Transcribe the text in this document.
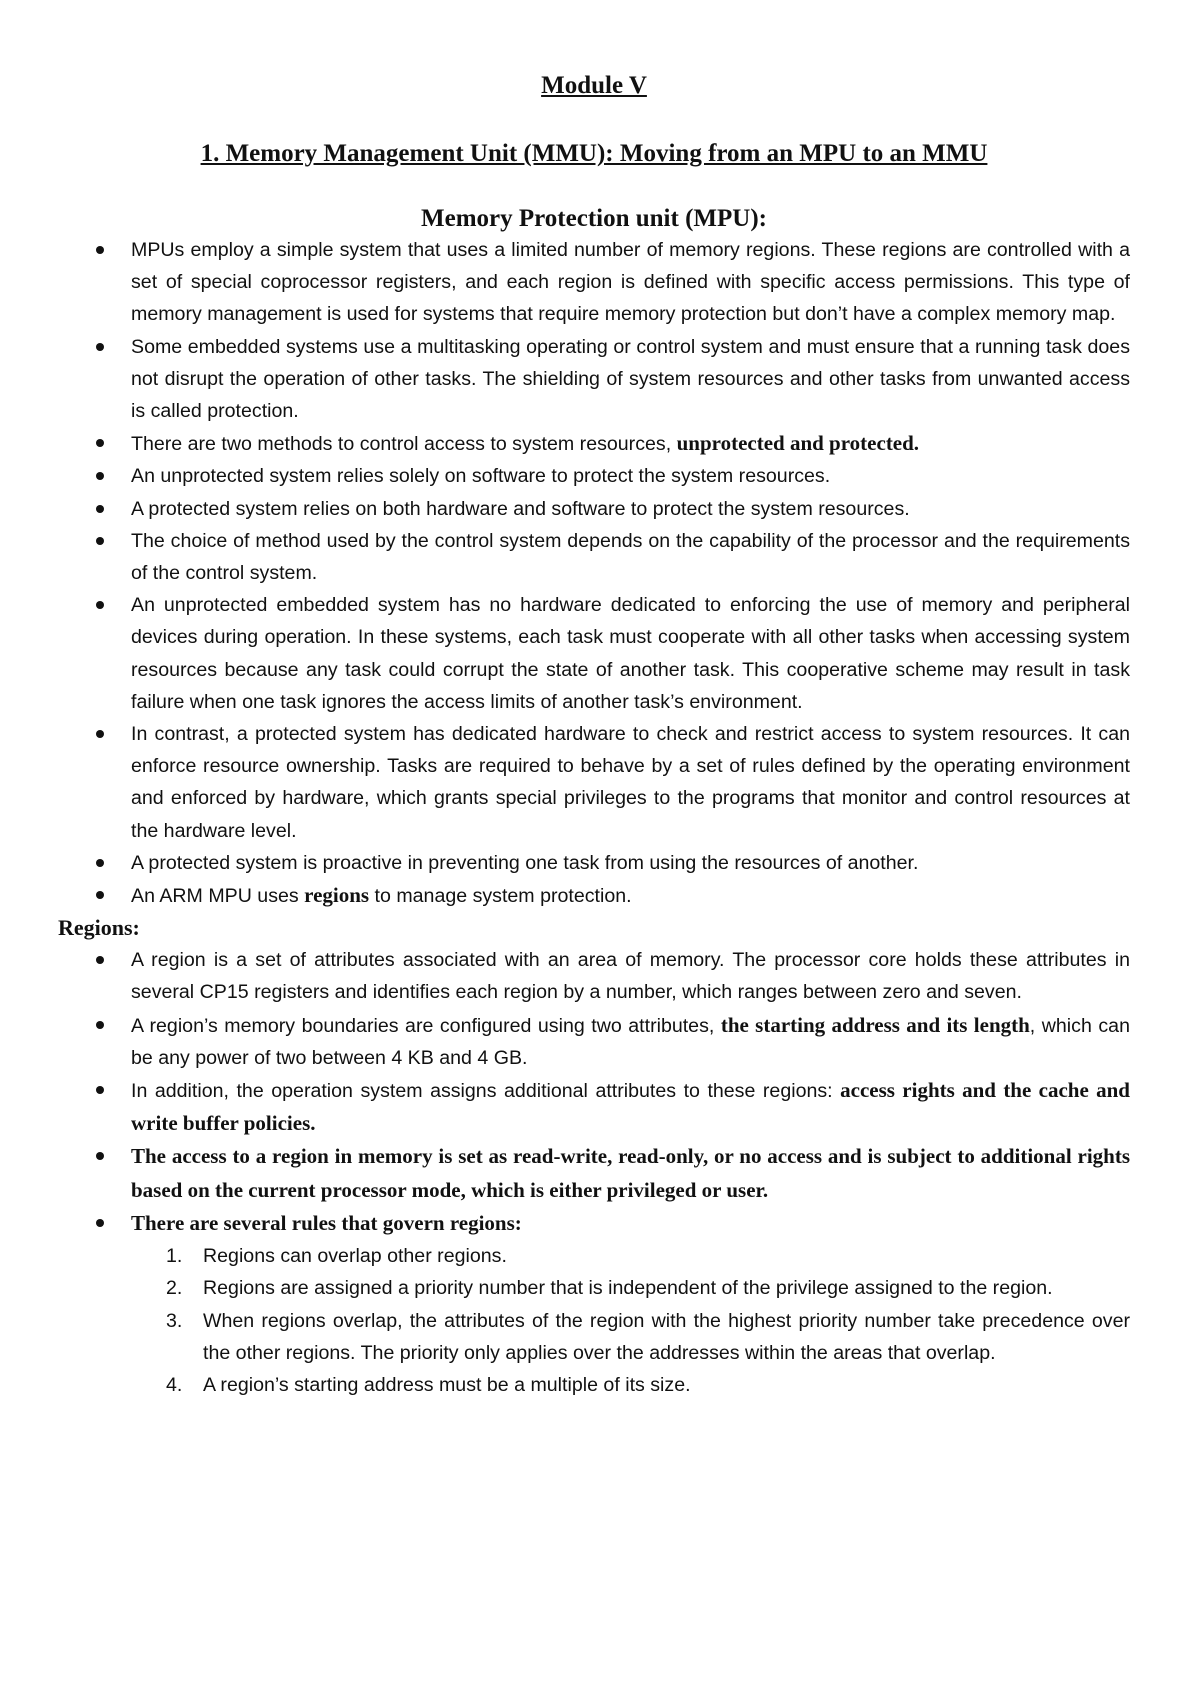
Module V
1. Memory Management Unit (MMU): Moving from an MPU to an MMU
Memory Protection unit (MPU):
MPUs employ a simple system that uses a limited number of memory regions. These regions are controlled with a set of special coprocessor registers, and each region is defined with specific access permissions. This type of memory management is used for systems that require memory protection but don’t have a complex memory map.
Some embedded systems use a multitasking operating or control system and must ensure that a running task does not disrupt the operation of other tasks. The shielding of system resources and other tasks from unwanted access is called protection.
There are two methods to control access to system resources, unprotected and protected.
An unprotected system relies solely on software to protect the system resources.
A protected system relies on both hardware and software to protect the system resources.
The choice of method used by the control system depends on the capability of the processor and the requirements of the control system.
An unprotected embedded system has no hardware dedicated to enforcing the use of memory and peripheral devices during operation. In these systems, each task must cooperate with all other tasks when accessing system resources because any task could corrupt the state of another task. This cooperative scheme may result in task failure when one task ignores the access limits of another task’s environment.
In contrast, a protected system has dedicated hardware to check and restrict access to system resources. It can enforce resource ownership. Tasks are required to behave by a set of rules defined by the operating environment and enforced by hardware, which grants special privileges to the programs that monitor and control resources at the hardware level.
A protected system is proactive in preventing one task from using the resources of another.
An ARM MPU uses regions to manage system protection.
Regions:
A region is a set of attributes associated with an area of memory. The processor core holds these attributes in several CP15 registers and identifies each region by a number, which ranges between zero and seven.
A region’s memory boundaries are configured using two attributes, the starting address and its length, which can be any power of two between 4 KB and 4 GB.
In addition, the operation system assigns additional attributes to these regions: access rights and the cache and write buffer policies.
The access to a region in memory is set as read-write, read-only, or no access and is subject to additional rights based on the current processor mode, which is either privileged or user.
There are several rules that govern regions:
1. Regions can overlap other regions.
2. Regions are assigned a priority number that is independent of the privilege assigned to the region.
3. When regions overlap, the attributes of the region with the highest priority number take precedence over the other regions. The priority only applies over the addresses within the areas that overlap.
4. A region’s starting address must be a multiple of its size.
